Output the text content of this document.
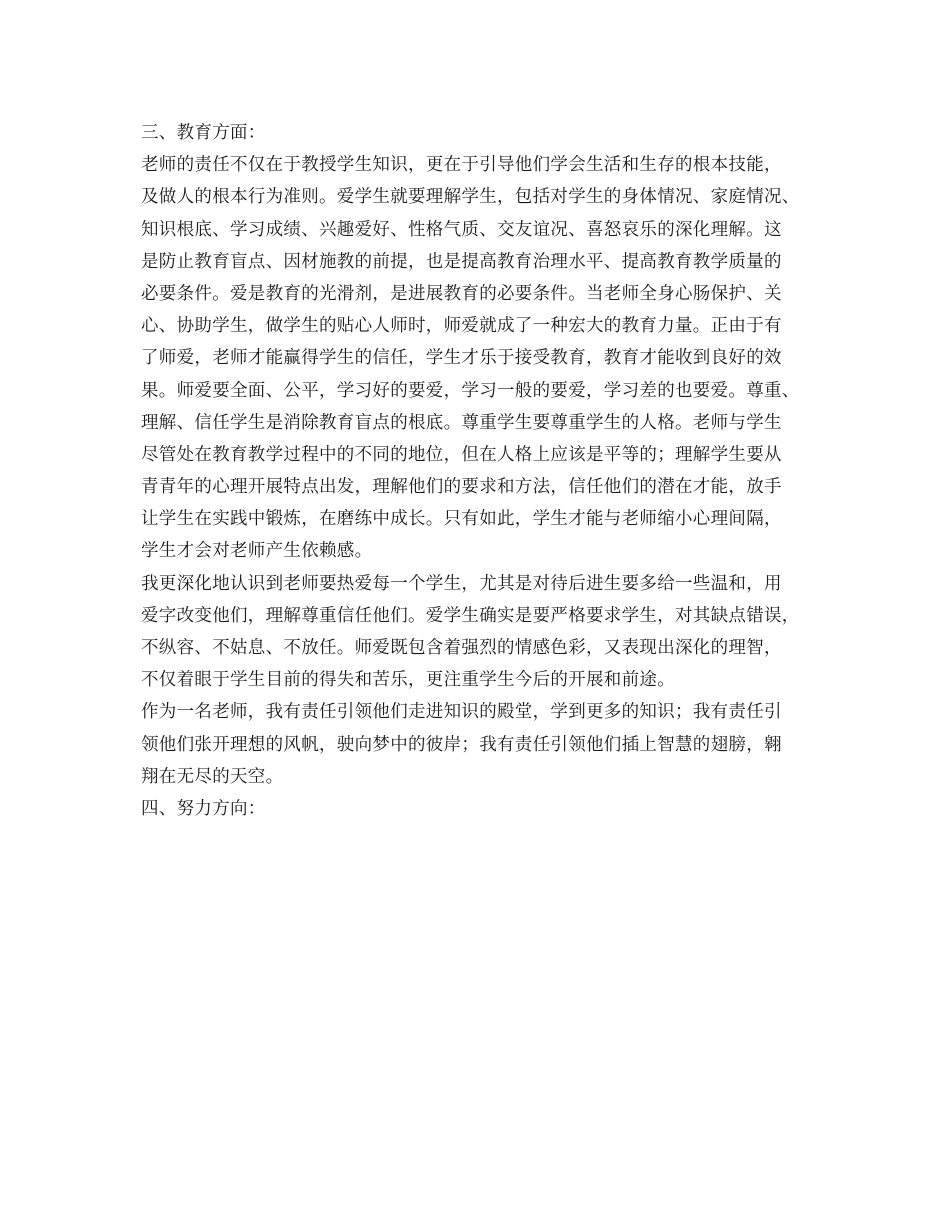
三、教育方面：
老师的责任不仅在于教授学生知识，更在于引导他们学会生活和生存的根本技能，
及做人的根本行为准则。爱学生就要理解学生，包括对学生的身体情况、家庭情况、
知识根底、学习成绩、兴趣爱好、性格气质、交友谊况、喜怒哀乐的深化理解。这
是防止教育盲点、因材施教的前提，也是提高教育治理水平、提高教育教学质量的
必要条件。爱是教育的光滑剂，是进展教育的必要条件。当老师全身心肠保护、关
心、协助学生，做学生的贴心人师时，师爱就成了一种宏大的教育力量。正由于有
了师爱，老师才能赢得学生的信任，学生才乐于接受教育，教育才能收到良好的效
果。师爱要全面、公平，学习好的要爱，学习一般的要爱，学习差的也要爱。尊重、
理解、信任学生是消除教育盲点的根底。尊重学生要尊重学生的人格。老师与学生
尽管处在教育教学过程中的不同的地位，但在人格上应该是平等的；理解学生要从
青青年的心理开展特点出发，理解他们的要求和方法，信任他们的潜在才能，放手
让学生在实践中锻炼，在磨练中成长。只有如此，学生才能与老师缩小心理间隔，
学生才会对老师产生依赖感。
我更深化地认识到老师要热爱每一个学生，尤其是对待后进生要多给一些温和，用
爱字改变他们，理解尊重信任他们。爱学生确实是要严格要求学生，对其缺点错误，
不纵容、不姑息、不放任。师爱既包含着强烈的情感色彩，又表现出深化的理智，
不仅着眼于学生目前的得失和苦乐，更注重学生今后的开展和前途。
作为一名老师，我有责任引领他们走进知识的殿堂，学到更多的知识；我有责任引
领他们张开理想的风帆，驶向梦中的彼岸；我有责任引领他们插上智慧的翅膀，翱
翔在无尽的天空。
四、努力方向：
